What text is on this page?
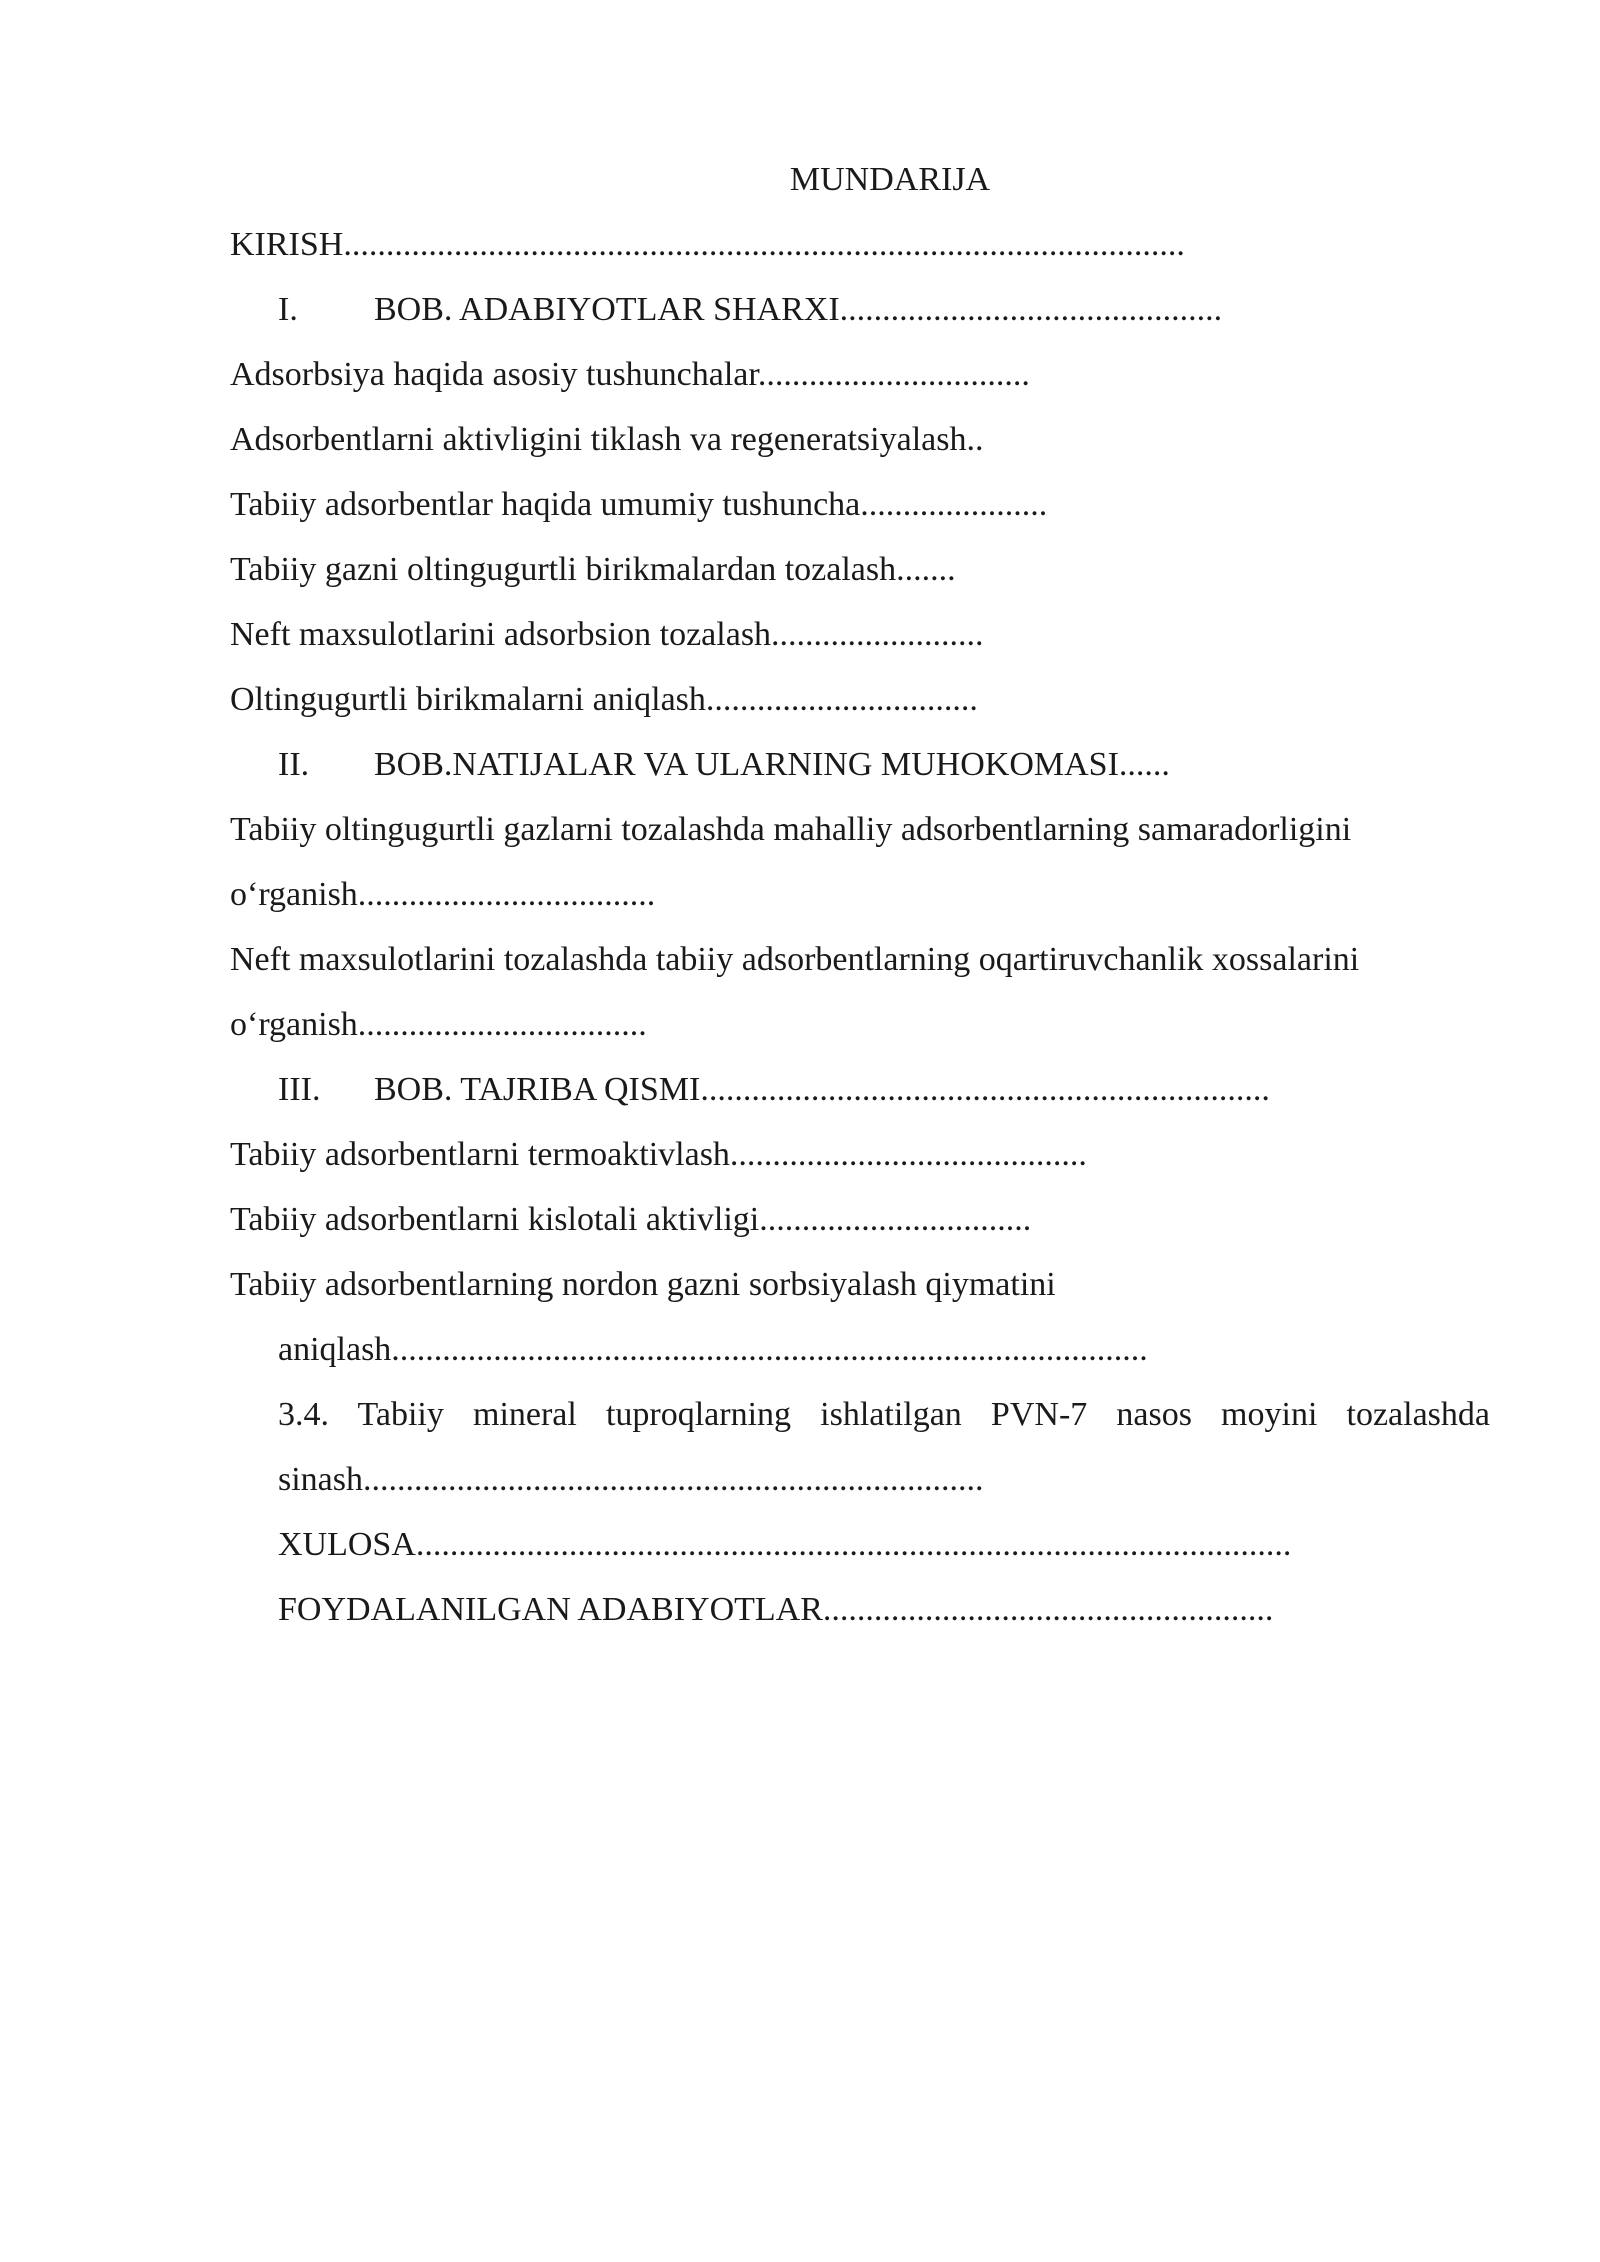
MUNDARIJA

KIRISH...................................................................................................

I. BOB. ADABIYOTLAR SHARXI.............................................

Adsorbsiya haqida asosiy tushunchalar................................

Adsorbentlarni aktivligini tiklash va regeneratsiyalash..

Tabiiy adsorbentlar haqida umumiy tushuncha......................

Tabiiy gazni oltingugurtli birikmalardan tozalash.......

Neft maxsulotlarini adsorbsion tozalash.........................

Oltingugurtli birikmalarni aniqlash................................

II. BOB.NATIJALAR VA ULARNING MUHOKOMASI......

Tabiiy oltingugurtli gazlarni tozalashda mahalliy adsorbentlarning samaradorligini

o‘rganish...................................

Neft maxsulotlarini tozalashda tabiiy adsorbentlarning oqartiruvchanlik xossalarini

o‘rganish..................................

III. BOB. TAJRIBA QISMI...................................................................

Tabiiy adsorbentlarni termoaktivlash..........................................

Tabiiy adsorbentlarni kislotali aktivligi................................

Tabiiy adsorbentlarning nordon gazni sorbsiyalash qiymatini

aniqlash.........................................................................................

3.4. Tabiiy mineral tuproqlarning ishlatilgan PVN-7 nasos moyini tozalashda

sinash.........................................................................

XULOSA.......................................................................................................

FOYDALANILGAN ADABIYOTLAR.....................................................
